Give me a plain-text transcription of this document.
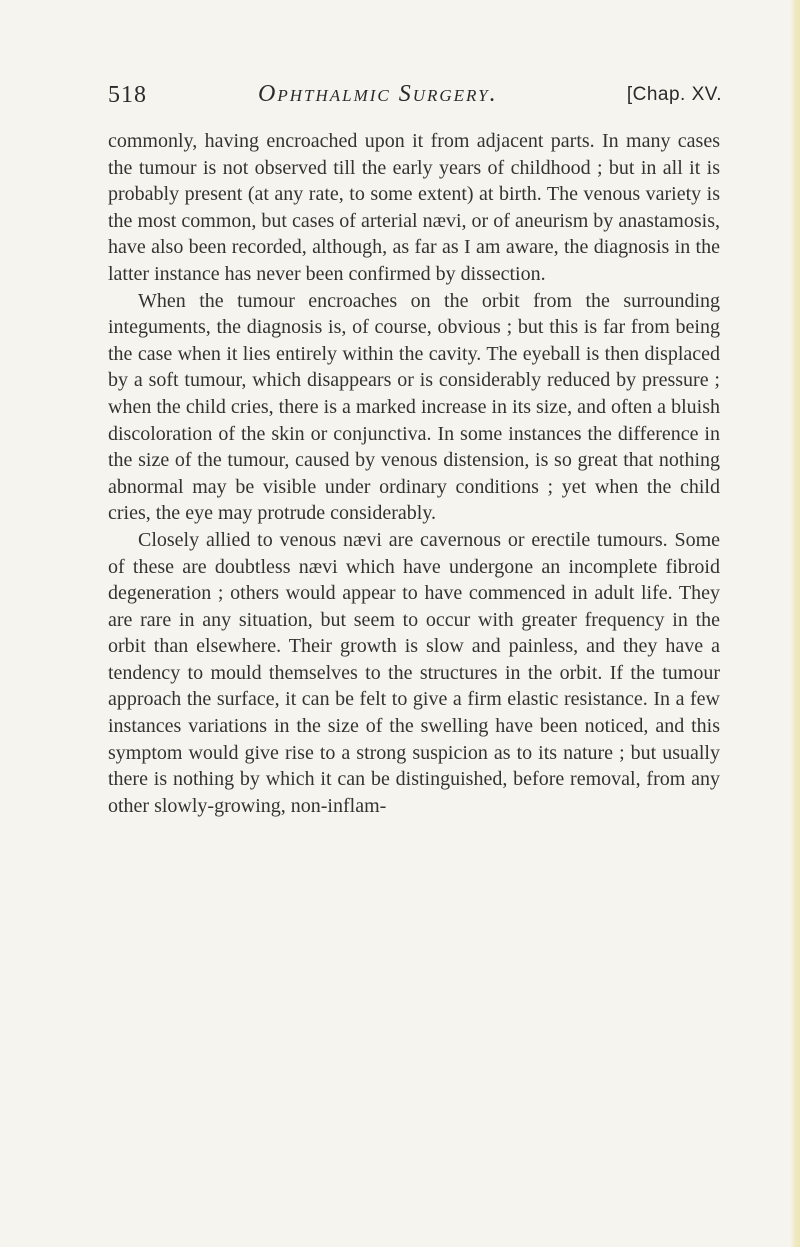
518	Ophthalmic Surgery.	[Chap. XV.

commonly, having encroached upon it from adjacent parts. In many cases the tumour is not observed till the early years of childhood ; but in all it is probably present (at any rate, to some extent) at birth. The venous variety is the most common, but cases of arterial nævi, or of aneurism by anastamosis, have also been recorded, although, as far as I am aware, the diagnosis in the latter instance has never been confirmed by dissection.

When the tumour encroaches on the orbit from the surrounding integuments, the diagnosis is, of course, obvious ; but this is far from being the case when it lies entirely within the cavity. The eyeball is then displaced by a soft tumour, which disappears or is considerably reduced by pressure ; when the child cries, there is a marked increase in its size, and often a bluish discoloration of the skin or conjunctiva. In some instances the difference in the size of the tumour, caused by venous distension, is so great that nothing abnormal may be visible under ordinary conditions ; yet when the child cries, the eye may protrude considerably.

Closely allied to venous nævi are cavernous or erectile tumours. Some of these are doubtless nævi which have undergone an incomplete fibroid degeneration ; others would appear to have commenced in adult life. They are rare in any situation, but seem to occur with greater frequency in the orbit than elsewhere. Their growth is slow and painless, and they have a tendency to mould themselves to the structures in the orbit. If the tumour approach the surface, it can be felt to give a firm elastic resistance. In a few instances variations in the size of the swelling have been noticed, and this symptom would give rise to a strong suspicion as to its nature ; but usually there is nothing by which it can be distinguished, before removal, from any other slowly-growing, non-inflam-
